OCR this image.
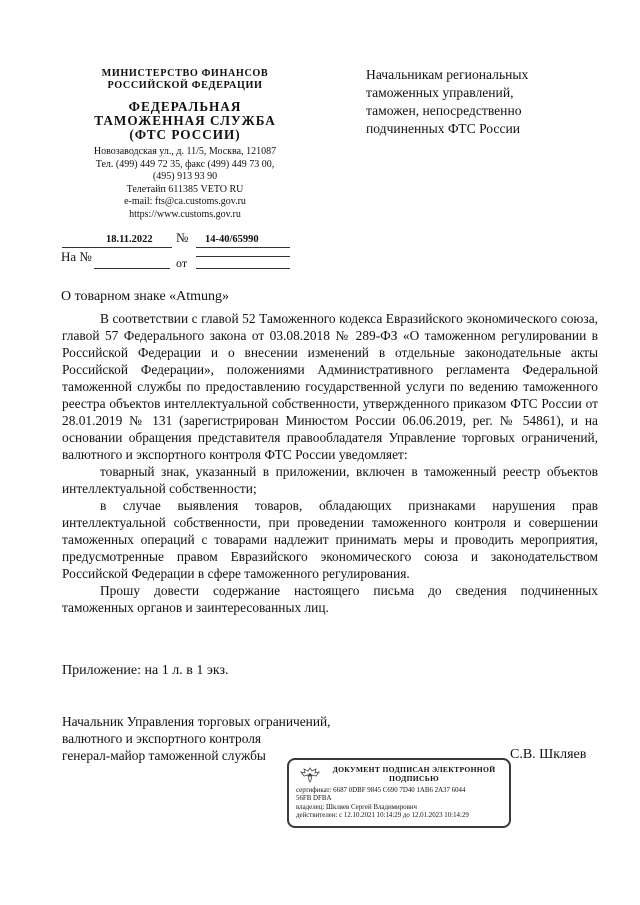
МИНИСТЕРСТВО ФИНАНСОВ
РОССИЙСКОЙ ФЕДЕРАЦИИ
ФЕДЕРАЛЬНАЯ
ТАМОЖЕННАЯ СЛУЖБА
(ФТС РОССИИ)
Новозаводская ул., д. 11/5, Москва, 121087
Тел. (499) 449 72 35, факс (499) 449 73 00,
(495) 913 93 90
Телетайп 611385 VETO RU
e-mail: fts@ca.customs.gov.ru
https://www.customs.gov.ru
18.11.2022 № 14-40/65990
На №	от
Начальникам региональных
таможенных управлений,
таможен, непосредственно
подчиненных ФТС России
О товарном знаке «Atmung»

В соответствии с главой 52 Таможенного кодекса Евразийского экономического союза, главой 57 Федерального закона от 03.08.2018 № 289-ФЗ «О таможенном регулировании в Российской Федерации и о внесении изменений в отдельные законодательные акты Российской Федерации», положениями Административного регламента Федеральной таможенной службы по предоставлению государственной услуги по ведению таможенного реестра объектов интеллектуальной собственности, утвержденного приказом ФТС России от 28.01.2019 № 131 (зарегистрирован Минюстом России 06.06.2019, рег. № 54861), и на основании обращения представителя правообладателя Управление торговых ограничений, валютного и экспортного контроля ФТС России уведомляет:

товарный знак, указанный в приложении, включен в таможенный реестр объектов интеллектуальной собственности;

в случае выявления товаров, обладающих признаками нарушения прав интеллектуальной собственности, при проведении таможенного контроля и совершении таможенных операций с товарами надлежит принимать меры и проводить мероприятия, предусмотренные правом Евразийского экономического союза и законодательством Российской Федерации в сфере таможенного регулирования.

Прошу довести содержание настоящего письма до сведения подчиненных таможенных органов и заинтересованных лиц.

Приложение: на 1 л. в 1 экз.
Начальник Управления торговых ограничений,
валютного и экспортного контроля
генерал-майор таможенной службы	С.В. Шкляев
ДОКУМЕНТ ПОДПИСАН ЭЛЕКТРОННОЙ
ПОДПИСЬЮ
сертификат: 6687 0DBF 9845 C690 7D40 1AB6 2A37 6044
56FB DFBA
владелец: Шкляев Сергей Владимирович
действителен: с 12.10.2021 10:14:29 до 12.01.2023 10:14:29
